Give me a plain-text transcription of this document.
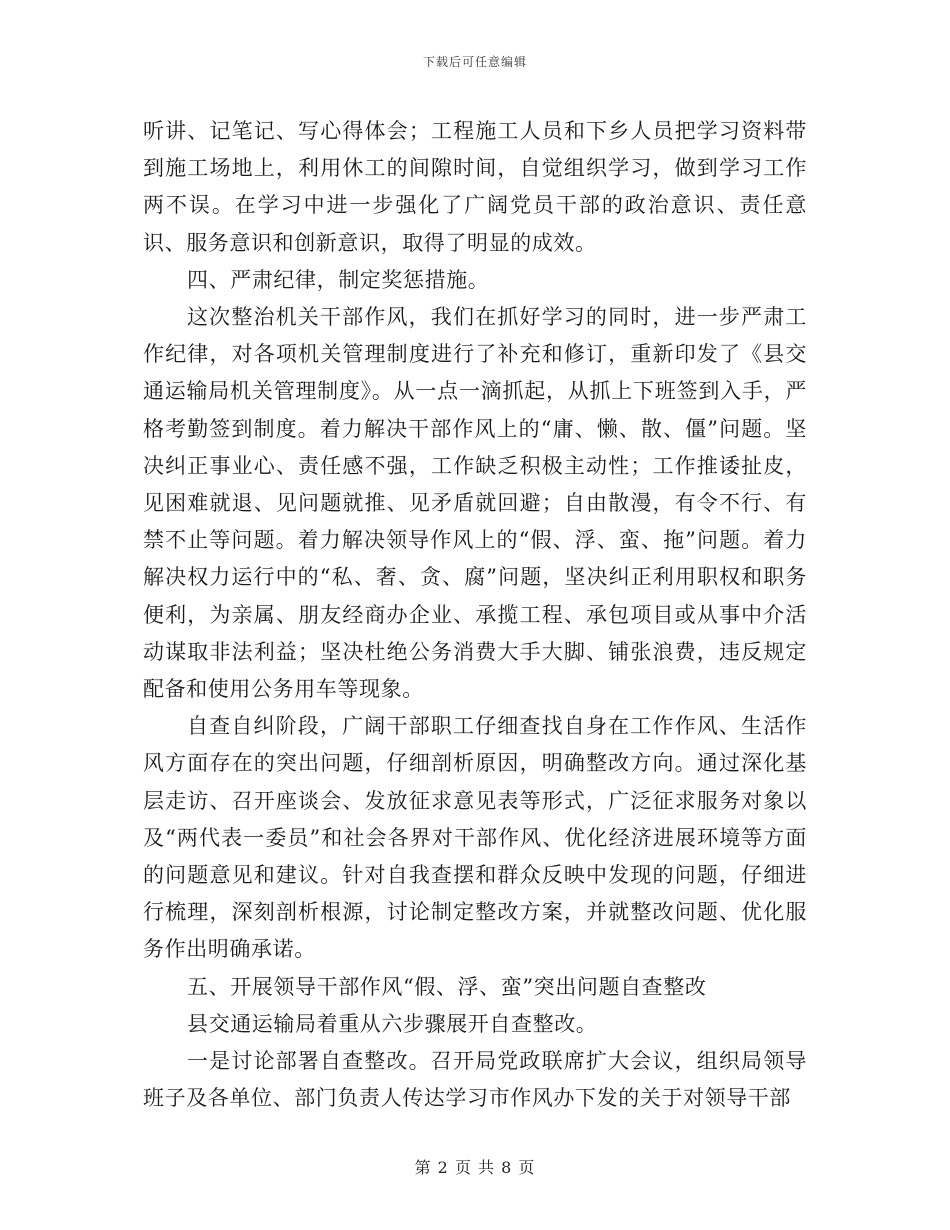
下载后可任意编辑

听讲、记笔记、写心得体会；工程施工人员和下乡人员把学习资料带到施工场地上，利用休工的间隙时间，自觉组织学习，做到学习工作两不误。在学习中进一步强化了广阔党员干部的政治意识、责任意识、服务意识和创新意识，取得了明显的成效。

四、严肃纪律，制定奖惩措施。

这次整治机关干部作风，我们在抓好学习的同时，进一步严肃工作纪律，对各项机关管理制度进行了补充和修订，重新印发了《县交通运输局机关管理制度》。从一点一滴抓起，从抓上下班签到入手，严格考勤签到制度。着力解决干部作风上的“庸、懒、散、僵”问题。坚决纠正事业心、责任感不强，工作缺乏积极主动性；工作推诿扯皮，见困难就退、见问题就推、见矛盾就回避；自由散漫，有令不行、有禁不止等问题。着力解决领导作风上的“假、浮、蛮、拖”问题。着力解决权力运行中的“私、奢、贪、腐”问题，坚决纠正利用职权和职务便利，为亲属、朋友经商办企业、承揽工程、承包项目或从事中介活动谋取非法利益；坚决杜绝公务消费大手大脚、铺张浪费，违反规定配备和使用公务用车等现象。

自查自纠阶段，广阔干部职工仔细查找自身在工作作风、生活作风方面存在的突出问题，仔细剖析原因，明确整改方向。通过深化基层走访、召开座谈会、发放征求意见表等形式，广泛征求服务对象以及“两代表一委员”和社会各界对干部作风、优化经济进展环境等方面的问题意见和建议。针对自我查摆和群众反映中发现的问题，仔细进行梳理，深刻剖析根源，讨论制定整改方案，并就整改问题、优化服务作出明确承诺。

五、开展领导干部作风“假、浮、蛮”突出问题自查整改

县交通运输局着重从六步骤展开自查整改。

一是讨论部署自查整改。召开局党政联席扩大会议，组织局领导班子及各单位、部门负责人传达学习市作风办下发的关于对领导干部

第 2 页 共 8 页
